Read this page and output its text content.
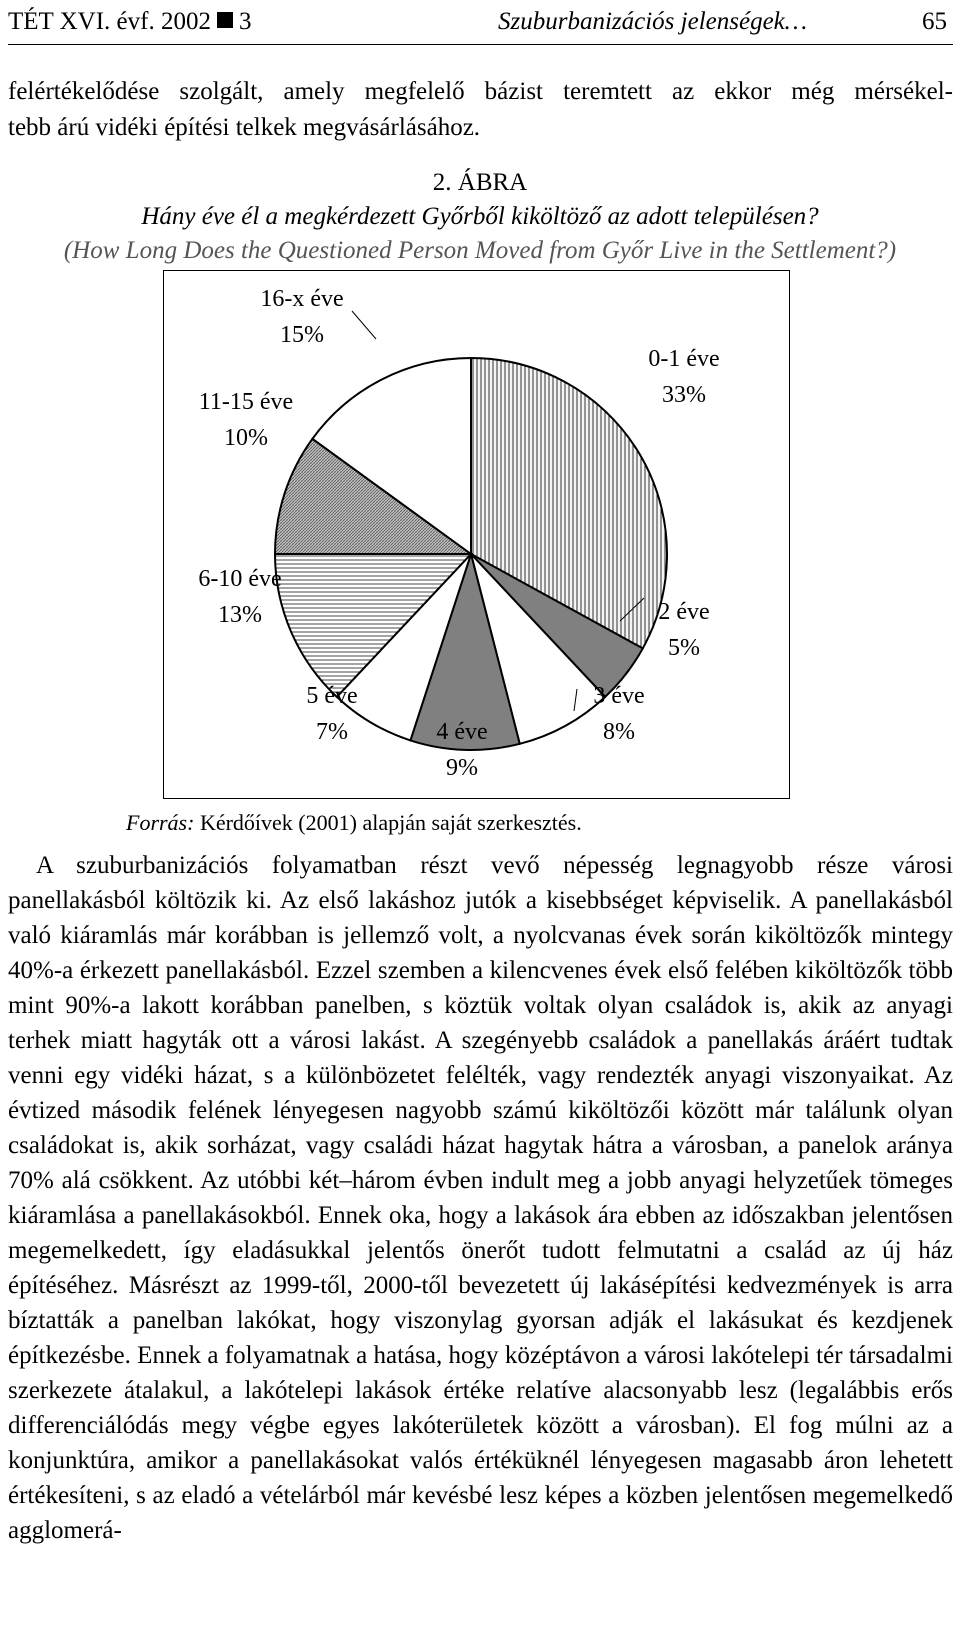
TÉT XVI. évf. 2002 3	Szuburbanizációs jelenségek…	65
felértékelődése szolgált, amely megfelelő bázist teremtett az ekkor még mérsékel-
tebb árú vidéki építési telkek megvásárlásához.
2. ÁBRA
Hány éve él a megkérdezett Győrből kiköltöző az adott településen?
(How Long Does the Questioned Person Moved from Győr Live in the Settlement?)
0-1 éve
33%
2 éve
5%
3 éve
8%
4 éve
9%
5 éve
7%
6-10 éve
13%
11-15 éve
10%
16-x éve
15%
Forrás: Kérdőívek (2001) alapján saját szerkesztés.

A szuburbanizációs folyamatban részt vevő népesség legnagyobb része városi panellakásból költözik ki. Az első lakáshoz jutók a kisebbséget képviselik. A panellakásból való kiáramlás már korábban is jellemző volt, a nyolcvanas évek során kiköltözők mintegy 40%-a érkezett panellakásból. Ezzel szemben a kilencvenes évek első felében kiköltözők több mint 90%-a lakott korábban panelben, s köztük voltak olyan családok is, akik az anyagi terhek miatt hagyták ott a városi lakást. A szegényebb családok a panellakás áráért tudtak venni egy vidéki házat, s a különbözetet felélték, vagy rendezték anyagi viszonyaikat. Az évtized második felének lényegesen nagyobb számú kiköltözői között már találunk olyan családokat is, akik sorházat, vagy családi házat hagytak hátra a városban, a panelok aránya 70% alá csökkent. Az utóbbi két–három évben indult meg a jobb anyagi helyzetűek tömeges kiáramlása a panellakásokból. Ennek oka, hogy a lakások ára ebben az időszakban jelentősen megemelkedett, így eladásukkal jelentős önerőt tudott felmutatni a család az új ház építéséhez. Másrészt az 1999-től, 2000-től bevezetett új lakásépítési kedvezmények is arra bíztatták a panelban lakókat, hogy viszonylag gyorsan adják el lakásukat és kezdjenek építkezésbe. Ennek a folyamatnak a hatása, hogy középtávon a városi lakótelepi tér társadalmi szerkezete átalakul, a lakótelepi lakások értéke relatíve alacsonyabb lesz (legalábbis erős differenciálódás megy végbe egyes lakóterületek között a városban). El fog múlni az a konjunktúra, amikor a panellakásokat valós értéküknél lényegesen magasabb áron lehetett értékesíteni, s az eladó a vételárból már kevésbé lesz képes a közben jelentősen megemelkedő agglomerá-
